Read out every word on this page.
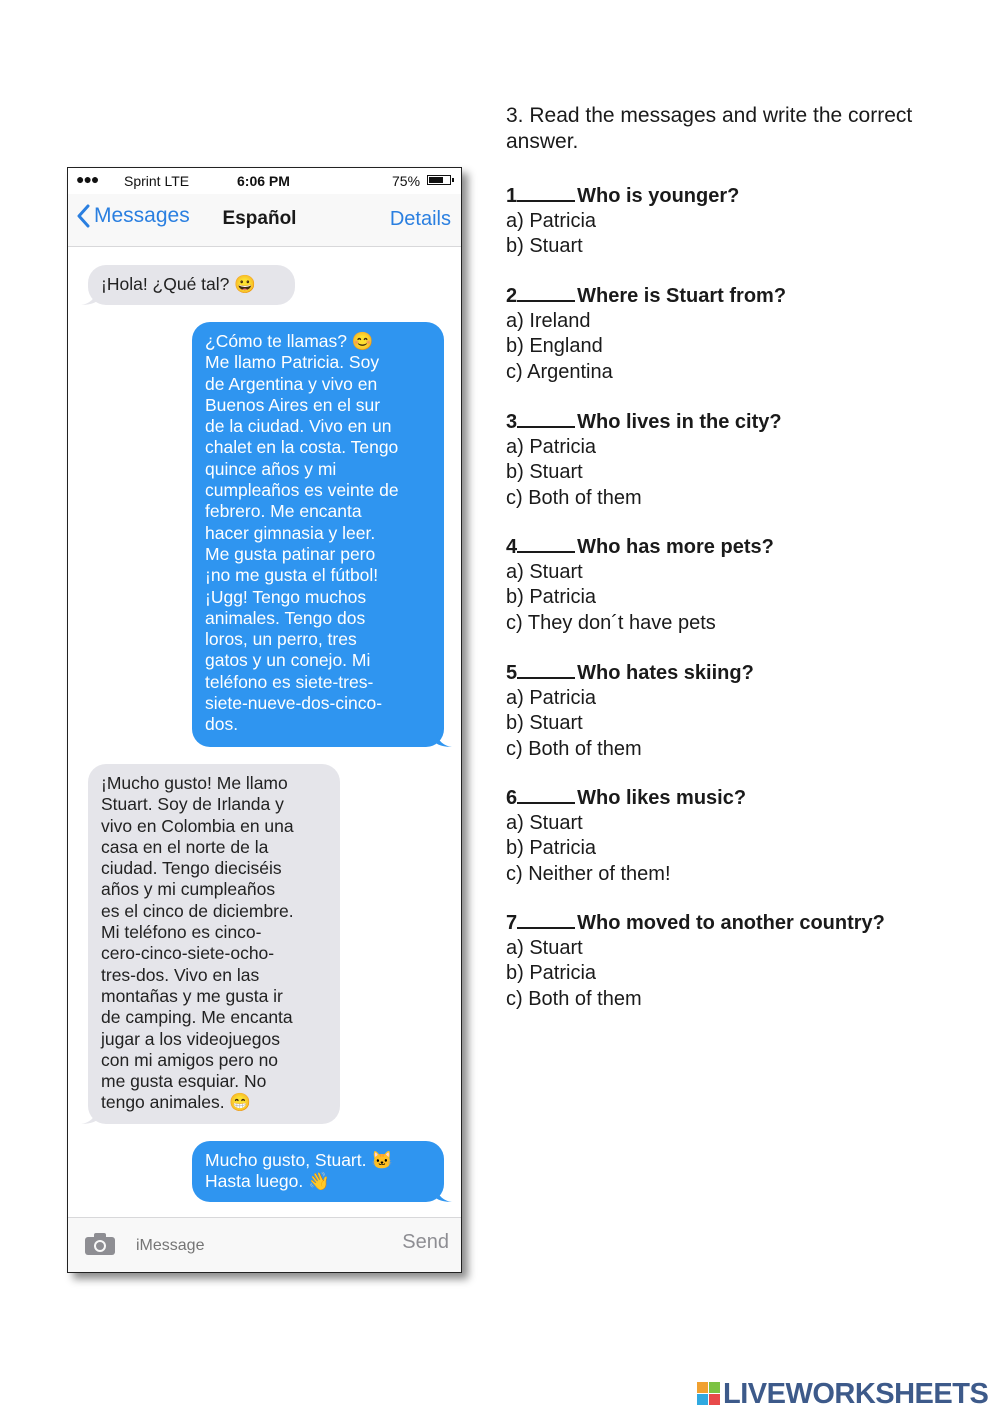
●●● Sprint LTE	6:06 PM	75%
Messages	Español	Details

¡Hola! ¿Qué tal? 😀

¿Cómo te llamas? 😊

Me llamo Patricia. Soy

de Argentina y vivo en

Buenos Aires en el sur

de la ciudad. Vivo en un

chalet en la costa. Tengo

quince años y mi

cumpleaños es veinte de

febrero. Me encanta

hacer gimnasia y leer.

Me gusta patinar pero

¡no me gusta el fútbol!

¡Ugg! Tengo muchos

animales. Tengo dos

loros, un perro, tres

gatos y un conejo. Mi

teléfono es siete-tres-

siete-nueve-dos-cinco-

dos.

¡Mucho gusto! Me llamo

Stuart. Soy de Irlanda y

vivo en Colombia en una

casa en el norte de la

ciudad. Tengo dieciséis

años y mi cumpleaños

es el cinco de diciembre.

Mi teléfono es cinco-

cero-cinco-siete-ocho-

tres-dos. Vivo en las

montañas y me gusta ir

de camping. Me encanta

jugar a los videojuegos

con mi amigos pero no

me gusta esquiar. No

tengo animales. 😁

Mucho gusto, Stuart. 🐱

Hasta luego. 👋

iMessage
Send

3. Read the messages and write the correct answer.

1	Who is younger?
a) Patricia
b) Stuart
2	Where is Stuart from?
a) Ireland
b) England
c) Argentina
3	Who lives in the city?
a) Patricia
b) Stuart
c) Both of them
4	Who has more pets?
a) Stuart
b) Patricia
c) They don´t have pets
5	Who hates skiing?
a) Patricia
b) Stuart
c) Both of them
6	Who likes music?
a) Stuart
b) Patricia
c) Neither of them!
7	Who moved to another country?
a) Stuart
b) Patricia
c) Both of them
LIVEWORKSHEETS
